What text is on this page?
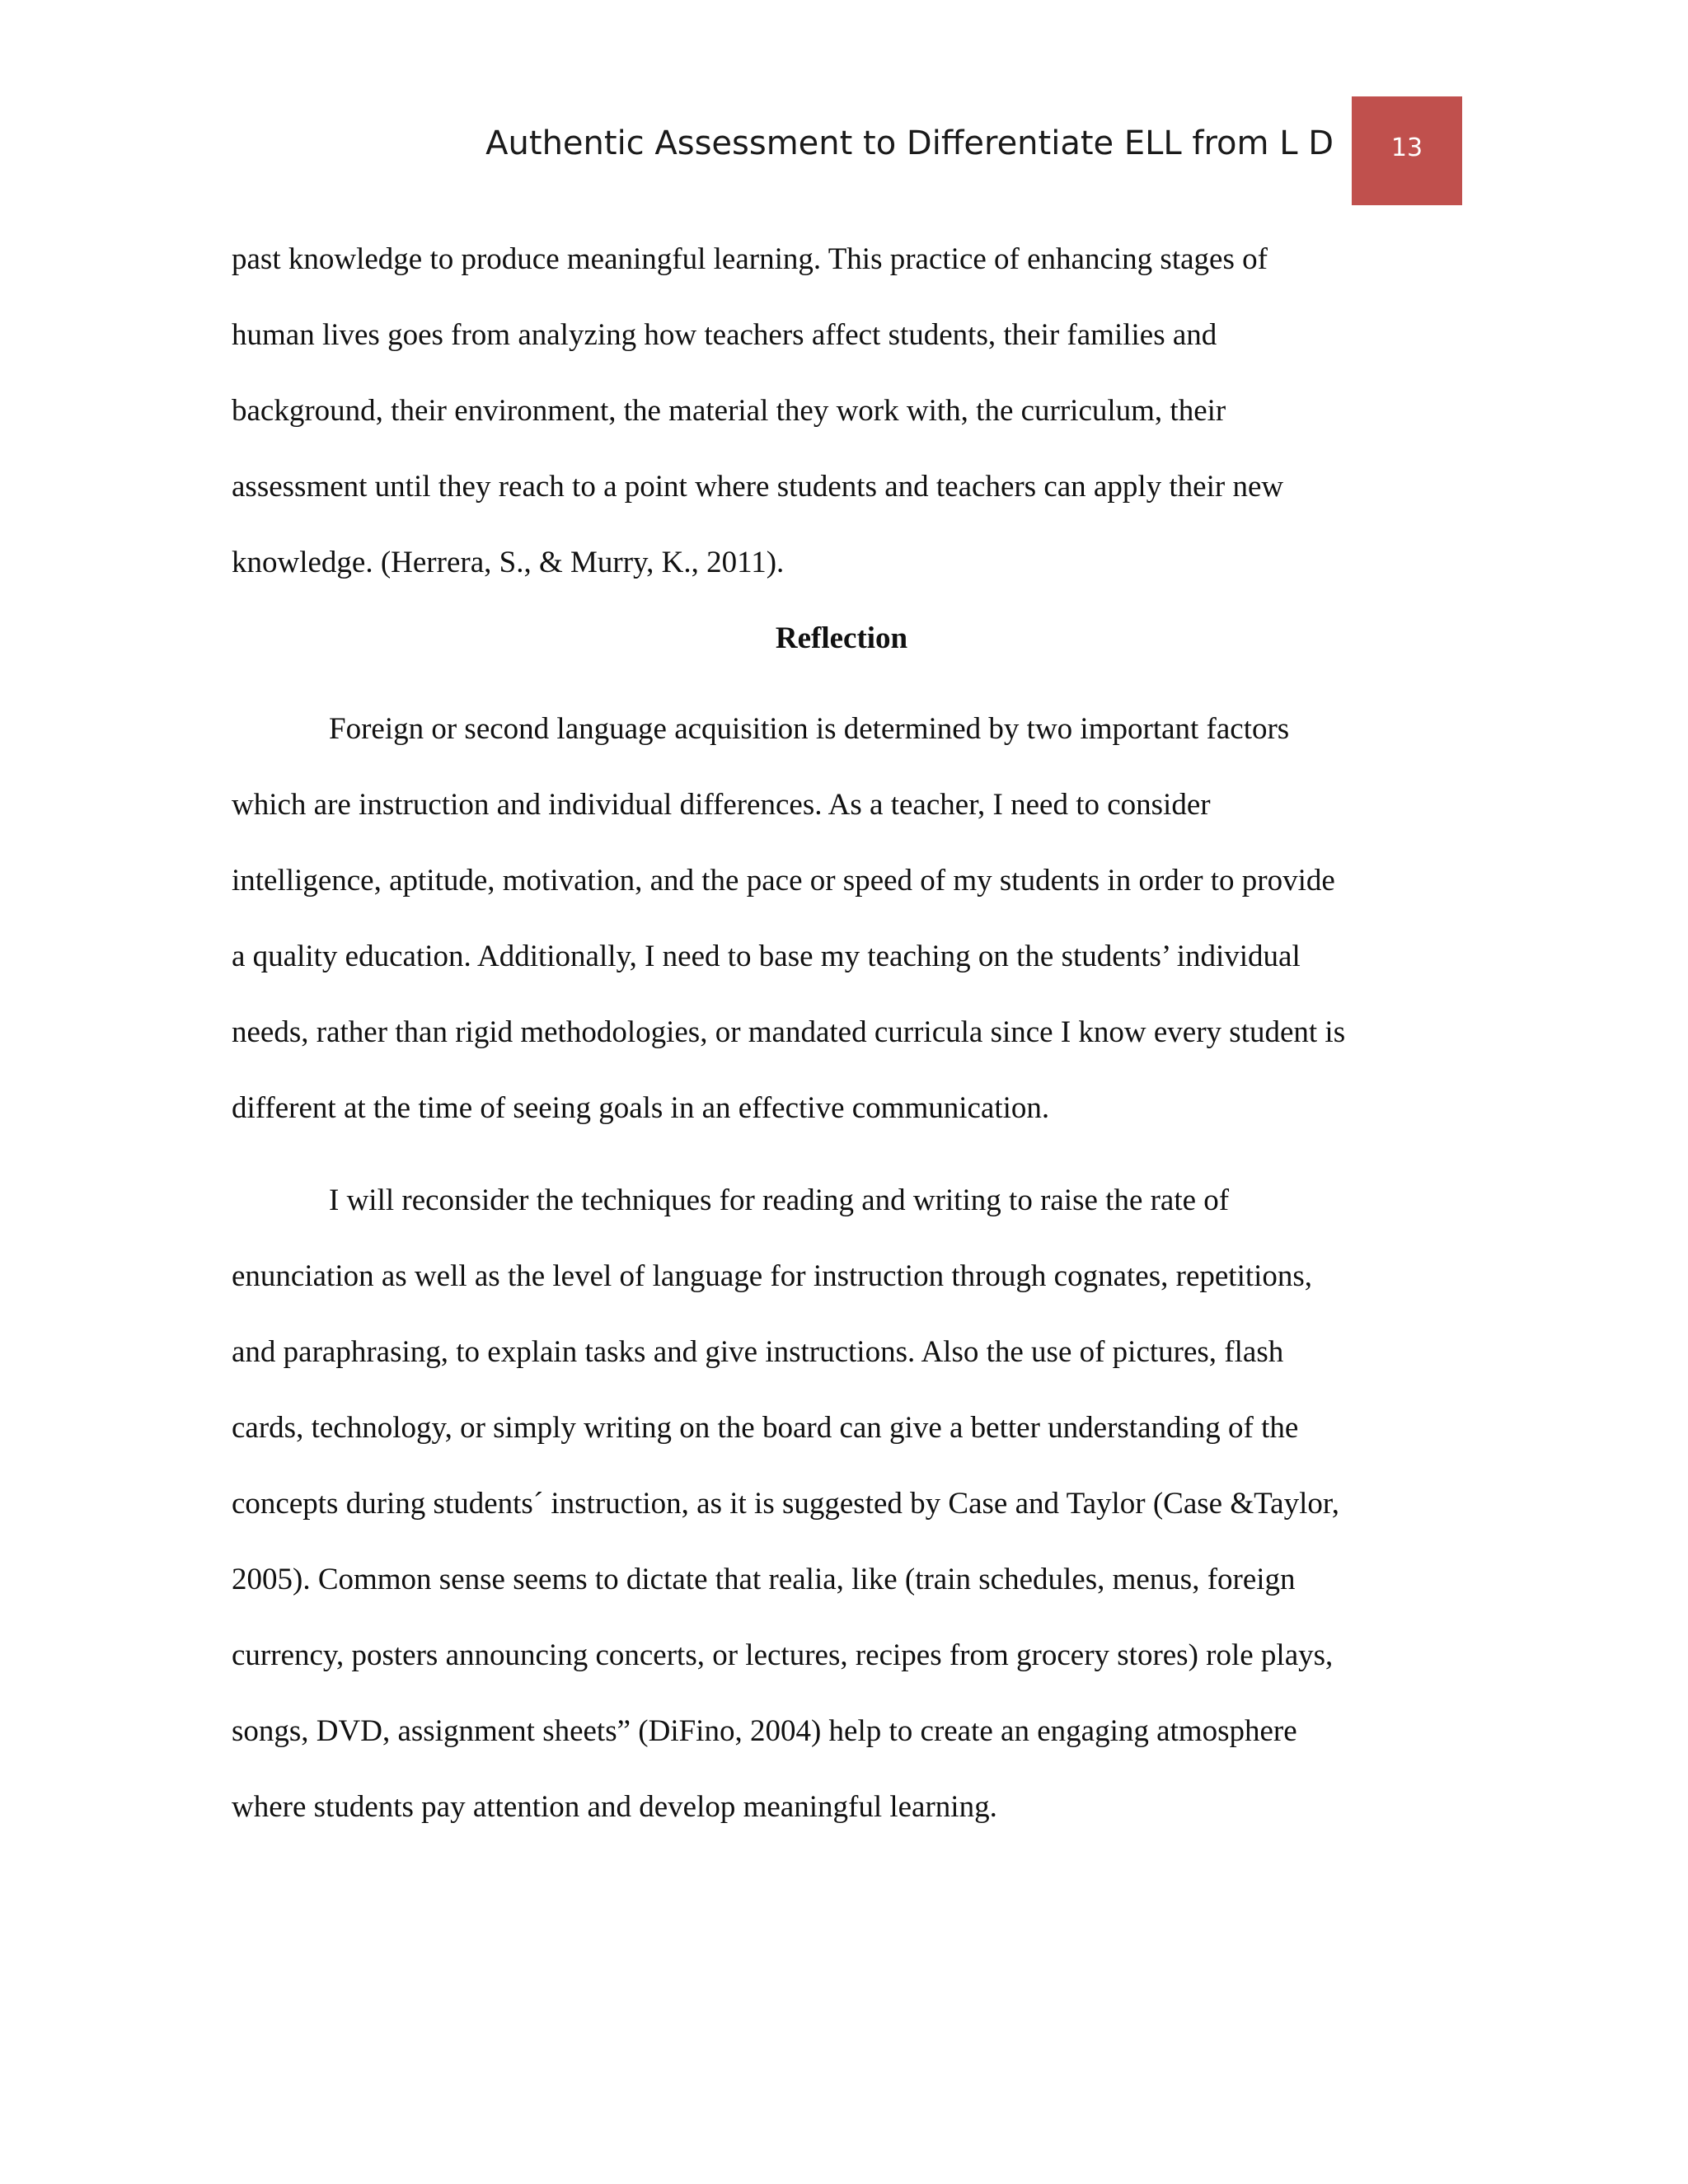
Authentic Assessment to Differentiate ELL from L D	13
past knowledge to produce meaningful learning. This practice of enhancing stages of
human lives goes from analyzing how teachers affect students, their families and
background, their environment, the material they work with, the curriculum, their
assessment until they reach to a point where students and teachers can apply their new
knowledge. (Herrera, S., & Murry, K., 2011).
Reflection
Foreign or second language acquisition is determined by two important factors
which are instruction and individual differences. As a teacher, I need to consider
intelligence, aptitude, motivation, and the pace or speed of my students in order to provide
a quality education. Additionally, I need to base my teaching on the students’ individual
needs, rather than rigid methodologies, or mandated curricula since I know every student is
different at the time of seeing goals in an effective communication.
I will reconsider the techniques for reading and writing to raise the rate of
enunciation as well as the level of language for instruction through cognates, repetitions,
and paraphrasing, to explain tasks and give instructions. Also the use of pictures, flash
cards, technology, or simply writing on the board can give a better understanding of the
concepts during students´ instruction, as it is suggested by Case and Taylor (Case &Taylor,
2005). Common sense seems to dictate that realia, like (train schedules, menus, foreign
currency, posters announcing concerts, or lectures, recipes from grocery stores) role plays,
songs, DVD, assignment sheets” (DiFino, 2004) help to create an engaging atmosphere
where students pay attention and develop meaningful learning.
